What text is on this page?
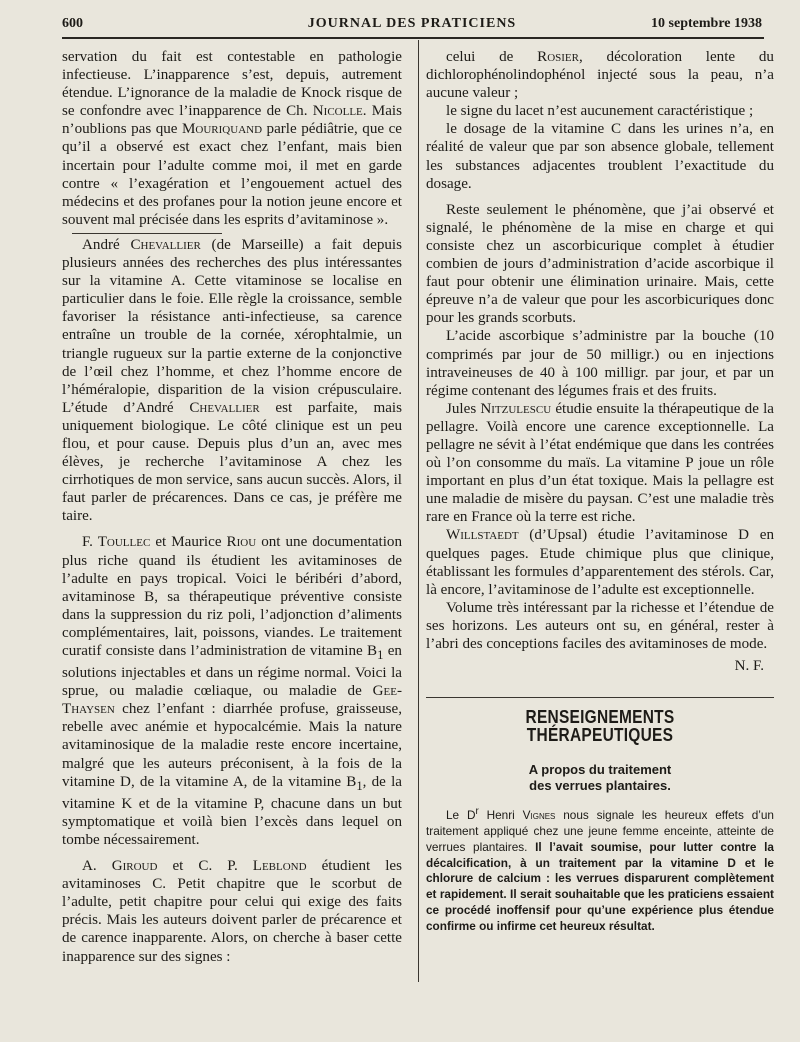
600	JOURNAL DES PRATICIENS	10 septembre 1938

servation du fait est contestable en pathologie infectieuse. L’inapparence s’est, depuis, autrement étendue. L’ignorance de la maladie de Knock risque de se confondre avec l’inapparence de Ch. Nicolle. Mais n’oublions pas que Mouriquand parle pédiâtrie, que ce qu’il a observé est exact chez l’enfant, mais bien incertain pour l’adulte comme moi, il met en garde contre « l’exagération et l’engouement actuel des médecins et des profanes pour la notion jeune encore et souvent mal précisée dans les esprits d’avitaminose ».

André Chevallier (de Marseille) a fait depuis plusieurs années des recherches des plus intéressantes sur la vitamine A. Cette vitaminose se localise en particulier dans le foie. Elle règle la croissance, semble favoriser la résistance anti-infectieuse, sa carence entraîne un trouble de la cornée, xérophtalmie, un triangle rugueux sur la partie externe de la conjonctive de l’œil chez l’homme, et chez l’homme encore de l’héméralopie, disparition de la vision crépusculaire. L’étude d’André Chevallier est parfaite, mais uniquement biologique. Le côté clinique est un peu flou, et pour cause. Depuis plus d’un an, avec mes élèves, je recherche l’avitaminose A chez les cirrhotiques de mon service, sans aucun succès. Alors, il faut parler de précarences. Dans ce cas, je préfère me taire.

F. Toullec et Maurice Riou ont une documentation plus riche quand ils étudient les avitaminoses de l’adulte en pays tropical. Voici le béribéri d’abord, avitaminose B, sa thérapeutique préventive consiste dans la suppression du riz poli, l’adjonction d’aliments complémentaires, lait, poissons, viandes. Le traitement curatif consiste dans l’administration de vitamine $B_1$ en solutions injectables et dans un régime normal. Voici la sprue, ou maladie cœliaque, ou maladie de Gee-Thaysen chez l’enfant : diarrhée profuse, graisseuse, rebelle avec anémie et hypocalcémie. Mais la nature avitaminosique de la maladie reste encore incertaine, malgré que les auteurs préconisent, à la fois de la vitamine D, de la vitamine A, de la vitamine $B_1$, de la vitamine K et de la vitamine P, chacune dans un but symptomatique et voilà bien l’excès dans lequel on tombe nécessairement.

A. Giroud et C. P. Leblond étudient les avitaminoses C. Petit chapitre que le scorbut de l’adulte, petit chapitre pour celui qui exige des faits précis. Mais les auteurs doivent parler de précarence et de carence inapparente. Alors, on cherche à baser cette inapparence sur des signes :

celui de Rosier, décoloration lente du dichlorophénolindophénol injecté sous la peau, n’a aucune valeur ;

le signe du lacet n’est aucunement caractéristique ;

le dosage de la vitamine C dans les urines n’a, en réalité de valeur que par son absence globale, tellement les substances adjacentes troublent l’exactitude du dosage.

Reste seulement le phénomène, que j’ai observé et signalé, le phénomène de la mise en charge et qui consiste chez un ascorbicurique complet à étudier combien de jours d’administration d’acide ascorbique il faut pour obtenir une élimination urinaire. Mais, cette épreuve n’a de valeur que pour les ascorbicuriques donc pour les grands scorbuts.

L’acide ascorbique s’administre par la bouche (10 comprimés par jour de 50 milligr.) ou en injections intraveineuses de 40 à 100 milligr. par jour, et par un régime contenant des légumes frais et des fruits.

Jules Nitzulescu étudie ensuite la thérapeutique de la pellagre. Voilà encore une carence exceptionnelle. La pellagre ne sévit à l’état endémique que dans les contrées où l’on consomme du maïs. La vitamine P joue un rôle important en plus d’un état toxique. Mais la pellagre est une maladie de misère du paysan. C’est une maladie très rare en France où la terre est riche.

Willstaedt (d’Upsal) étudie l’avitaminose D en quelques pages. Etude chimique plus que clinique, établissant les formules d’apparentement des stérols. Car, là encore, l’avitaminose de l’adulte est exceptionnelle.

Volume très intéressant par la richesse et l’étendue de ses horizons. Les auteurs ont su, en général, rester à l’abri des conceptions faciles des avitaminoses de mode.

N. F.

RENSEIGNEMENTS THÉRAPEUTIQUES

A propos du traitement
des verrues plantaires.

Le $D^r$ Henri Vignes nous signale les heureux effets d’un traitement appliqué chez une jeune femme enceinte, atteinte de verrues plantaires. Il l’avait soumise, pour lutter contre la décalcification, à un traitement par la vitamine D et le chlorure de calcium : les verrues disparurent complètement et rapidement. Il serait souhaitable que les praticiens essaient ce procédé inoffensif pour qu’une expérience plus étendue confirme ou infirme cet heureux résultat.
